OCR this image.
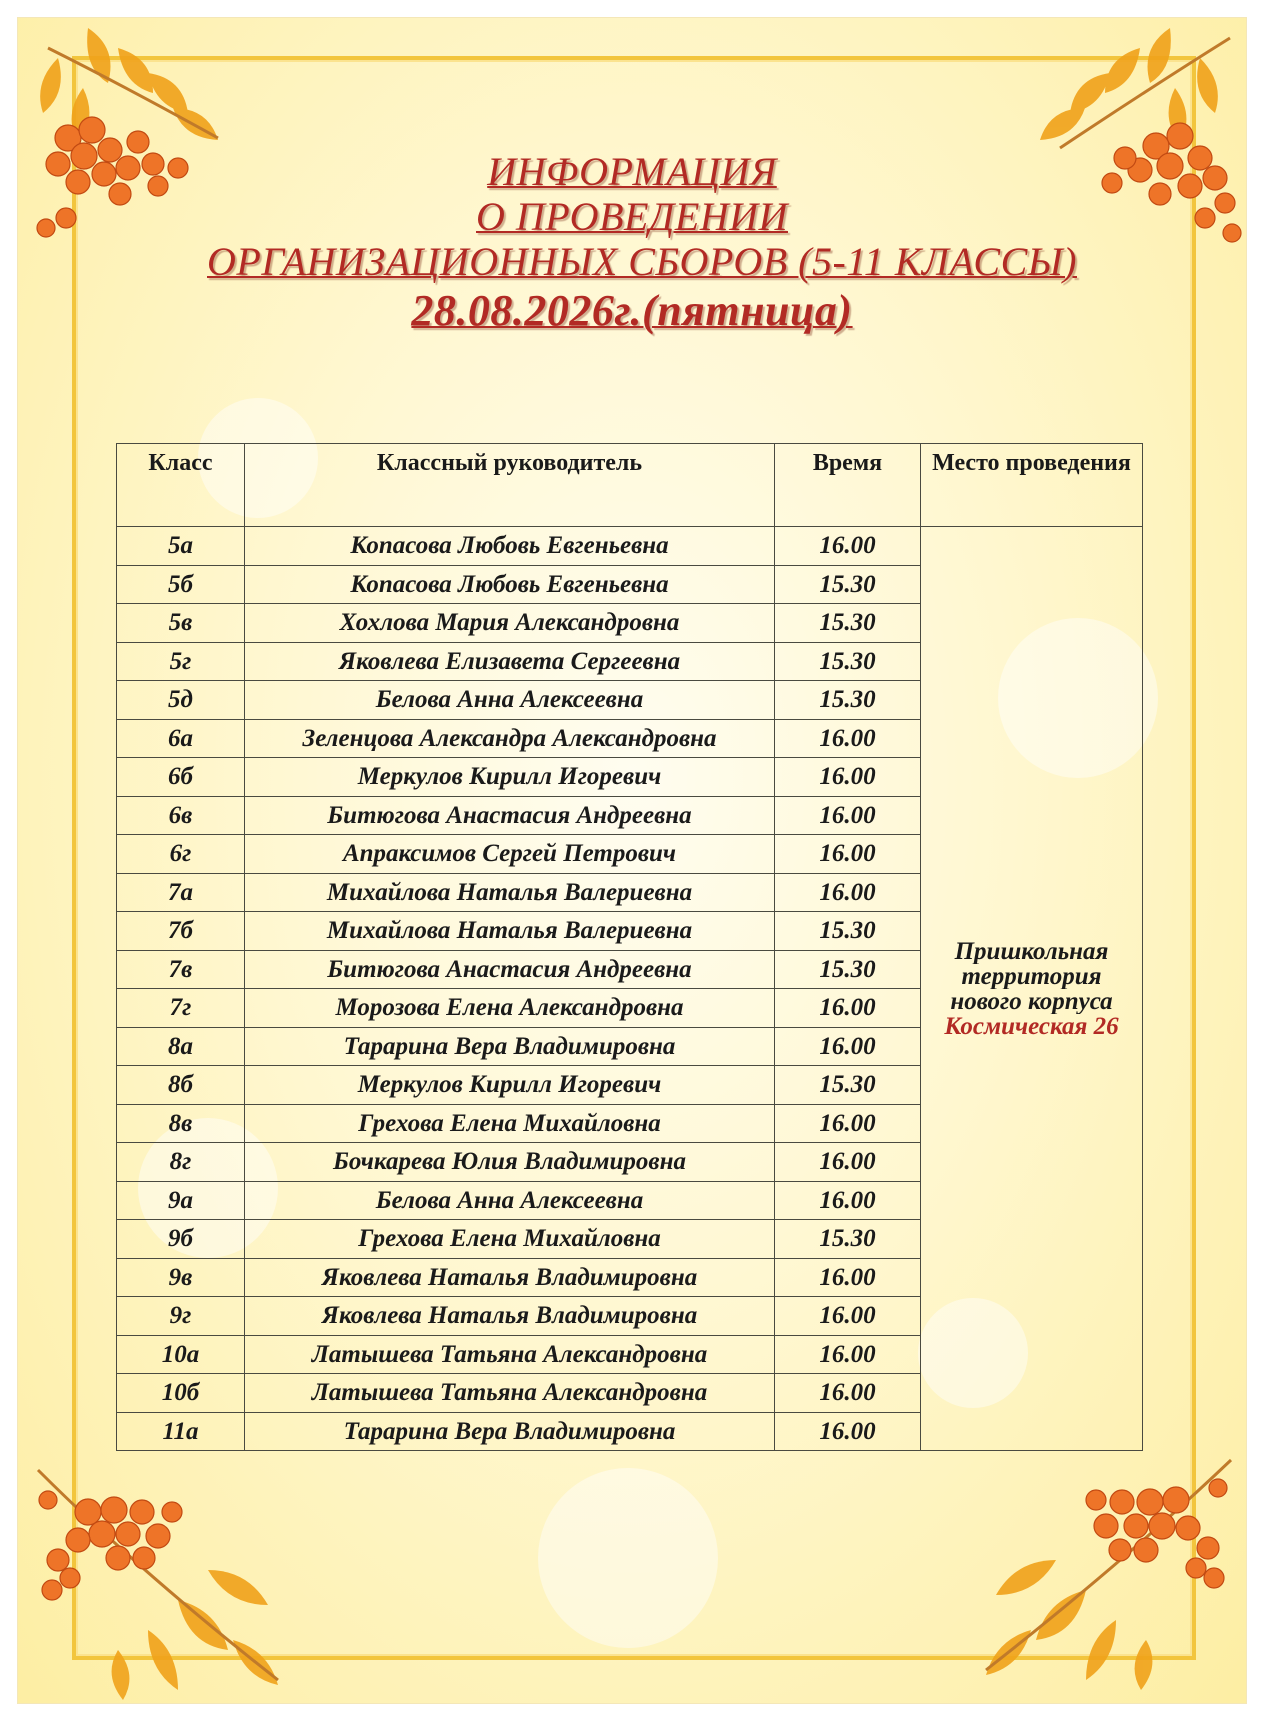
ИНФОРМАЦИЯ
О ПРОВЕДЕНИИ
ОРГАНИЗАЦИОННЫХ СБОРОВ (5-11 КЛАССЫ)
28.08.2026г.(пятница)
Класс	Классный руководитель	Время	Место проведения
5а	Копасова Любовь Евгеньевна	16.00	Пришкольная
территория
нового корпуса
Космическая 26

5б	Копасова Любовь Евгеньевна	15.30	
5в	Хохлова Мария Александровна	15.30	
5г	Яковлева Елизавета Сергеевна	15.30	
5д	Белова Анна Алексеевна	15.30	
6а	Зеленцова Александра Александровна	16.00	
6б	Меркулов Кирилл Игоревич	16.00	
6в	Битюгова Анастасия Андреевна	16.00	
6г	Апраксимов Сергей Петрович	16.00	
7а	Михайлова Наталья Валериевна	16.00	
7б	Михайлова Наталья Валериевна	15.30	
7в	Битюгова Анастасия Андреевна	15.30	
7г	Морозова Елена Александровна	16.00	
8а	Тарарина Вера Владимировна	16.00	
8б	Меркулов Кирилл Игоревич	15.30	
8в	Грехова Елена Михайловна	16.00	
8г	Бочкарева Юлия Владимировна	16.00	
9а	Белова Анна Алексеевна	16.00	
9б	Грехова Елена Михайловна	15.30	
9в	Яковлева Наталья Владимировна	16.00	
9г	Яковлева Наталья Владимировна	16.00	
10а	Латышева Татьяна Александровна	16.00	
10б	Латышева Татьяна Александровна	16.00	
11а	Тарарина Вера Владимировна	16.00	
